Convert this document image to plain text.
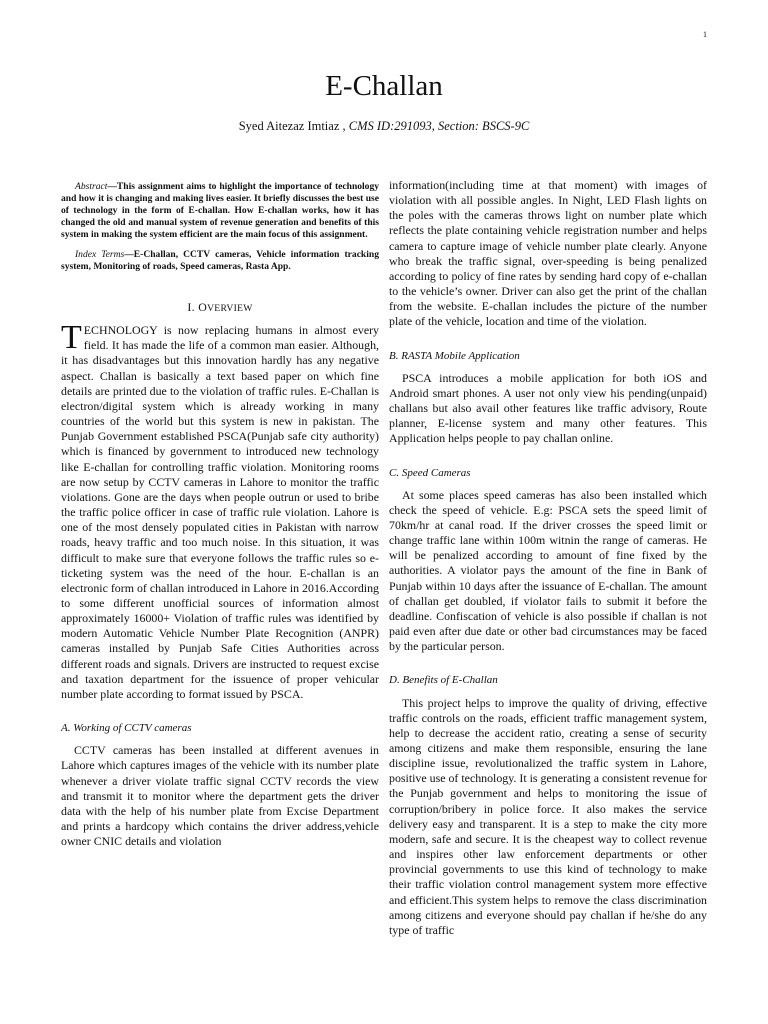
1
E-Challan
Syed Aitezaz Imtiaz , CMS ID:291093, Section: BSCS-9C

Abstract—This assignment aims to highlight the importance of technology and how it is changing and making lives easier. It briefly discusses the best use of technology in the form of E-challan. How E-challan works, how it has changed the old and manual system of revenue generation and benefits of this system in making the system efficient are the main focus of this assignment.

Index Terms—E-Challan, CCTV cameras, Vehicle information tracking system, Monitoring of roads, Speed cameras, Rasta App.

I. OVERVIEW

TECHNOLOGY is now replacing humans in almost every field. It has made the life of a common man easier. Although, it has disadvantages but this innovation hardly has any negative aspect. Challan is basically a text based paper on which fine details are printed due to the violation of traffic rules. E-Challan is electron/digital system which is already working in many countries of the world but this system is new in pakistan. The Punjab Government established PSCA(Punjab safe city authority) which is financed by government to introduced new technology like E-challan for controlling traffic violation. Monitoring rooms are now setup by CCTV cameras in Lahore to monitor the traffic violations. Gone are the days when people outrun or used to bribe the traffic police officer in case of traffic rule violation. Lahore is one of the most densely populated cities in Pakistan with narrow roads, heavy traffic and too much noise. In this situation, it was difficult to make sure that everyone follows the traffic rules so e-ticketing system was the need of the hour. E-challan is an electronic form of challan introduced in Lahore in 2016.According to some different unofficial sources of information almost approximately 16000+ Violation of traffic rules was identified by modern Automatic Vehicle Number Plate Recognition (ANPR) cameras installed by Punjab Safe Cities Authorities across different roads and signals. Drivers are instructed to request excise and taxation department for the issuence of proper vehicular number plate according to format issued by PSCA.

A. Working of CCTV cameras

CCTV cameras has been installed at different avenues in Lahore which captures images of the vehicle with its number plate whenever a driver violate traffic signal CCTV records the view and transmit it to monitor where the department gets the driver data with the help of his number plate from Excise Department and prints a hardcopy which contains the driver address,vehicle owner CNIC details and violation

information(including time at that moment) with images of violation with all possible angles. In Night, LED Flash lights on the poles with the cameras throws light on number plate which reflects the plate containing vehicle registration number and helps camera to capture image of vehicle number plate clearly. Anyone who break the traffic signal, over-speeding is being penalized according to policy of fine rates by sending hard copy of e-challan to the vehicle’s owner. Driver can also get the print of the challan from the website. E-challan includes the picture of the number plate of the vehicle, location and time of the violation.

B. RASTA Mobile Application

PSCA introduces a mobile application for both iOS and Android smart phones. A user not only view his pending(unpaid) challans but also avail other features like traffic advisory, Route planner, E-license system and many other features. This Application helps people to pay challan online.

C. Speed Cameras

At some places speed cameras has also been installed which check the speed of vehicle. E.g: PSCA sets the speed limit of 70km/hr at canal road. If the driver crosses the speed limit or change traffic lane within 100m witnin the range of cameras. He will be penalized according to amount of fine fixed by the authorities. A violator pays the amount of the fine in Bank of Punjab within 10 days after the issuance of E-challan. The amount of challan get doubled, if violator fails to submit it before the deadline. Confiscation of vehicle is also possible if challan is not paid even after due date or other bad circumstances may be faced by the particular person.

D. Benefits of E-Challan

This project helps to improve the quality of driving, effective traffic controls on the roads, efficient traffic management system, help to decrease the accident ratio, creating a sense of security among citizens and make them responsible, ensuring the lane discipline issue, revolutionalized the traffic system in Lahore, positive use of technology. It is generating a consistent revenue for the Punjab government and helps to monitoring the issue of corruption/bribery in police force. It also makes the service delivery easy and transparent. It is a step to make the city more modern, safe and secure. It is the cheapest way to collect revenue and inspires other law enforcement departments or other provincial governments to use this kind of technology to make their traffic violation control management system more effective and efficient.This system helps to remove the class discrimination among citizens and everyone should pay challan if he/she do any type of traffic
